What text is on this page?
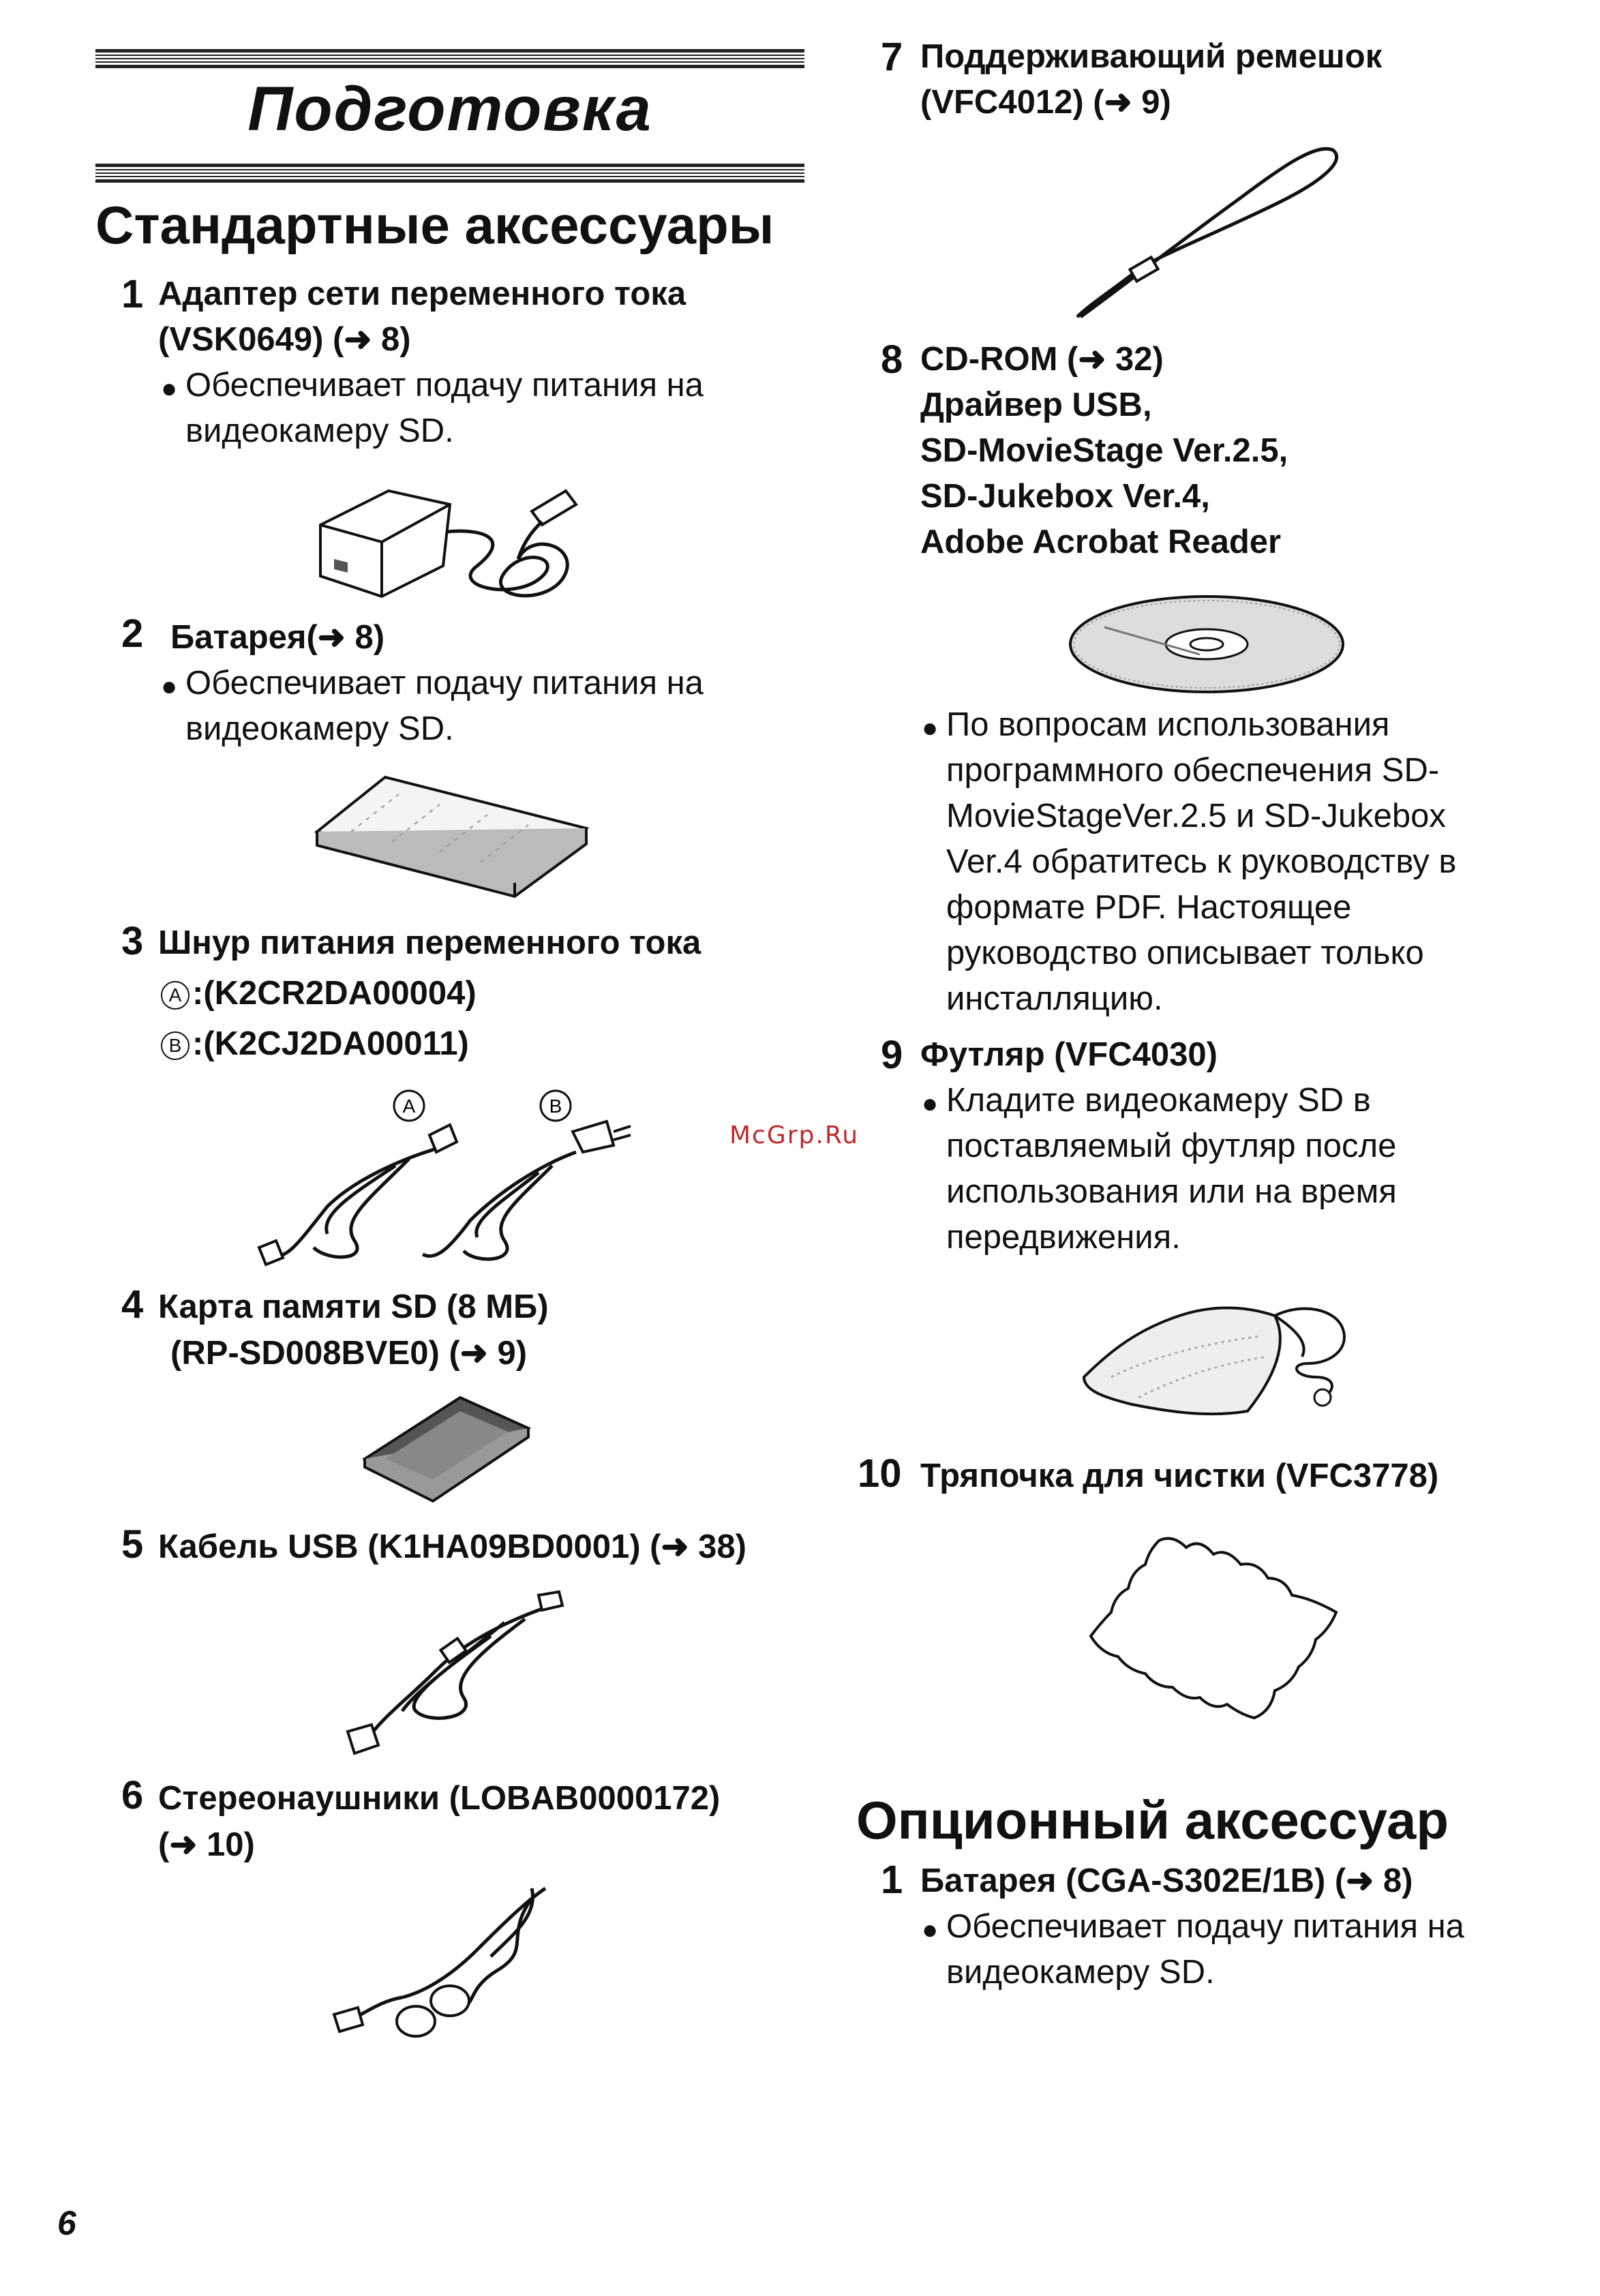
Подготовка
Стандартные аксессуары
1 Адаптер сети переменного тока
(VSK0649) (➜ 8)
● Обеспечивает подачу питания на
видеокамеру SD.
2 Батарея(➜ 8)
● Обеспечивает подачу питания на
видеокамеру SD.
3 Шнур питания переменного тока
A :(K2CR2DA00004)
B :(K2CJ2DA00011)
A	B
4 Карта памяти SD (8 МБ)
(RP-SD008BVE0) (➜ 9)
5 Кабель USB (K1HA09BD0001) (➜ 38)
6 Стереонаушники (LOBAB0000172)
(➜ 10)
7 Поддерживающий ремешок
(VFC4012) (➜ 9)
8 CD-ROM (➜ 32)
Драйвер USB,
SD-MovieStage Ver.2.5,
SD-Jukebox Ver.4,
Adobe Acrobat Reader
● По вопросам использования
программного обеспечения SD-
MovieStageVer.2.5 и SD-Jukebox
Ver.4 обратитесь к руководству в
формате PDF. Настоящее
руководство описывает только
инсталляцию.
9 Футляр (VFC4030)
● Кладите видеокамеру SD в
поставляемый футляр после
использования или на время
передвижения.
10 Тряпочка для чистки (VFC3778)
Опционный аксессуар
1 Батарея (CGA-S302E/1B) (➜ 8)
● Обеспечивает подачу питания на
видеокамеру SD.
McGrp.Ru
6
